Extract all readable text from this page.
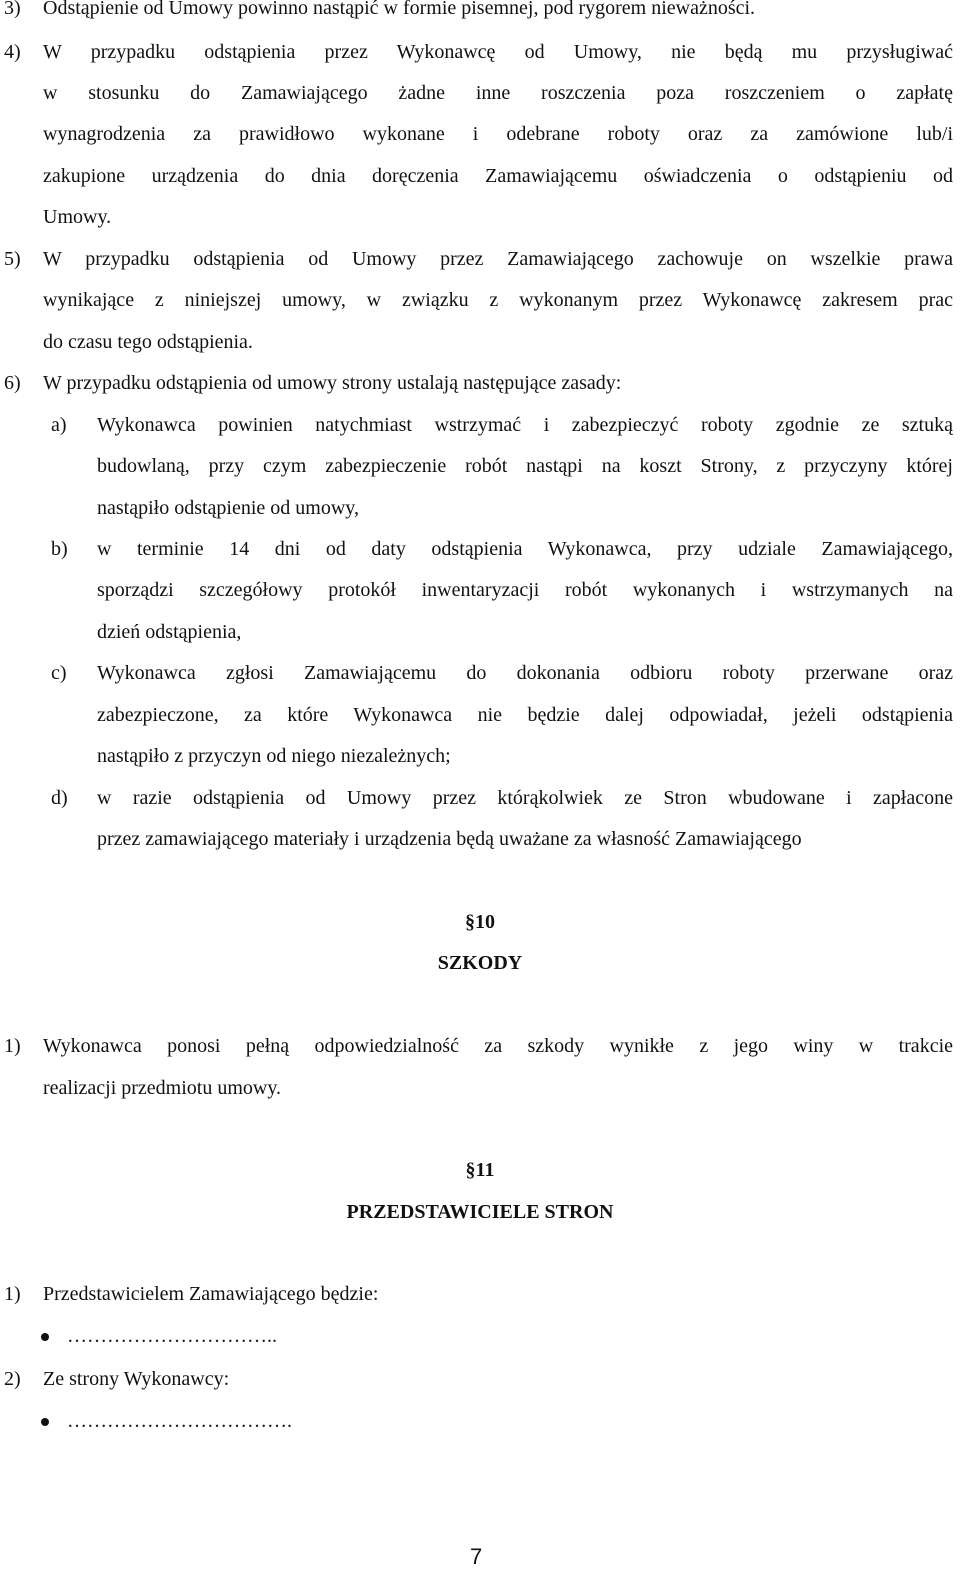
3) Odstąpienie od Umowy powinno nastąpić w formie pisemnej, pod rygorem nieważności.
4) W przypadku odstąpienia przez Wykonawcę od Umowy, nie będą mu przysługiwać
w stosunku do Zamawiającego żadne inne roszczenia poza roszczeniem o zapłatę
wynagrodzenia za prawidłowo wykonane i odebrane roboty oraz za zamówione lub/i
zakupione urządzenia do dnia doręczenia Zamawiającemu oświadczenia o odstąpieniu od
Umowy.
5) W przypadku odstąpienia od Umowy przez Zamawiającego zachowuje on wszelkie prawa
wynikające z niniejszej umowy, w związku z wykonanym przez Wykonawcę zakresem prac
do czasu tego odstąpienia.
6) W przypadku odstąpienia od umowy strony ustalają następujące zasady:
a) Wykonawca powinien natychmiast wstrzymać i zabezpieczyć roboty zgodnie ze sztuką
budowlaną, przy czym zabezpieczenie robót nastąpi na koszt Strony, z przyczyny której
nastąpiło odstąpienie od umowy,
b) w terminie 14 dni od daty odstąpienia Wykonawca, przy udziale Zamawiającego,
sporządzi szczegółowy protokół inwentaryzacji robót wykonanych i wstrzymanych na
dzień odstąpienia,
c) Wykonawca zgłosi Zamawiającemu do dokonania odbioru roboty przerwane oraz
zabezpieczone, za które Wykonawca nie będzie dalej odpowiadał, jeżeli odstąpienia
nastąpiło z przyczyn od niego niezależnych;
d) w razie odstąpienia od Umowy przez którąkolwiek ze Stron wbudowane i zapłacone
przez zamawiającego materiały i urządzenia będą uważane za własność Zamawiającego
§10
SZKODY
1) Wykonawca ponosi pełną odpowiedzialność za szkody wynikłe z jego winy w trakcie
realizacji przedmiotu umowy.
§11
PRZEDSTAWICIELE STRON
1) Przedstawicielem Zamawiającego będzie:
…………………………..
2) Ze strony Wykonawcy:
…………………………….
7
